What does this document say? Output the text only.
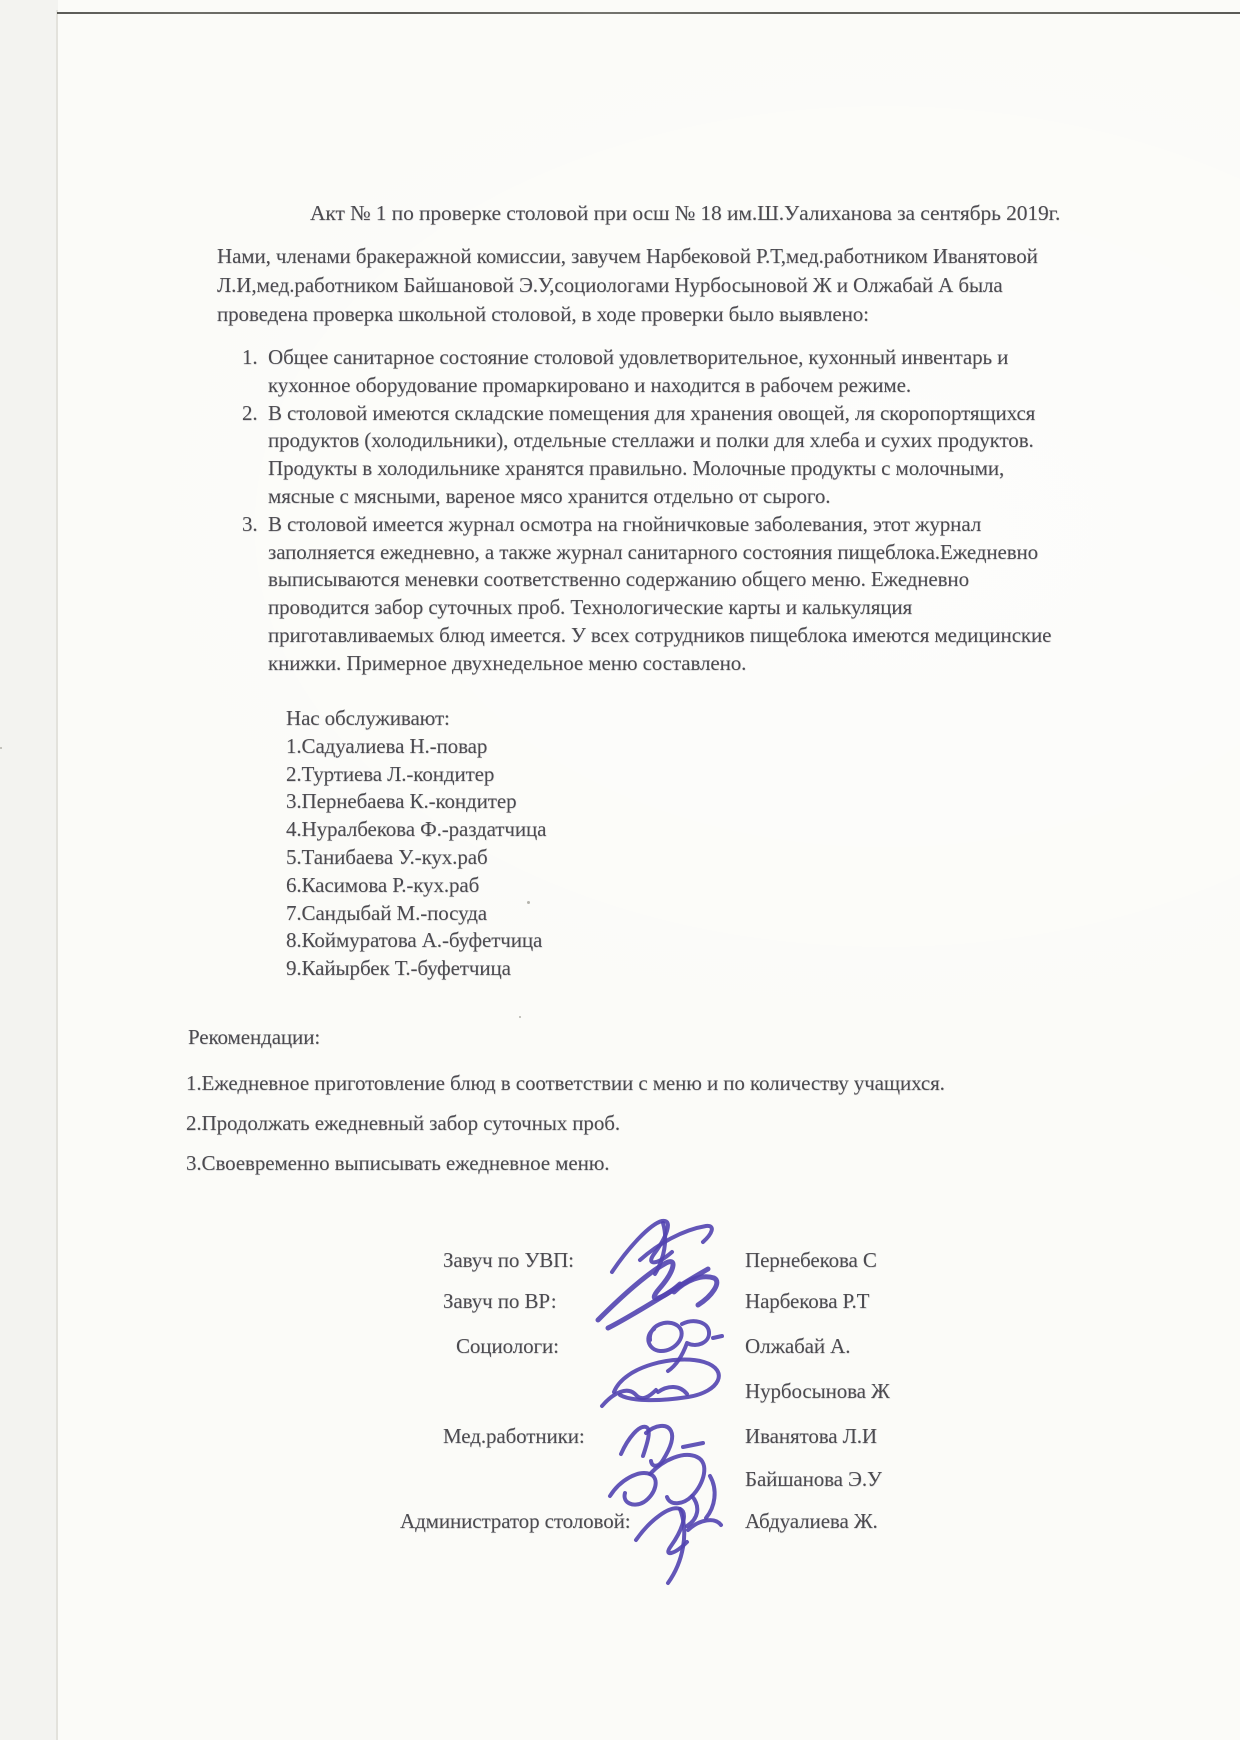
Акт № 1 по проверке столовой при осш № 18 им.Ш.Уалиханова за сентябрь 2019г.

Нами, членами бракеражной комиссии, завучем Нарбековой Р.Т,мед.работником Иванятовой Л.И,мед.работником Байшановой Э.У,социологами Нурбосыновой Ж и Олжабай А была проведена проверка школьной столовой, в ходе проверки было выявлено:

1. Общее санитарное состояние столовой удовлетворительное, кухонный инвентарь и кухонное оборудование промаркировано и находится в рабочем режиме.
2. В столовой имеются складские помещения для хранения овощей, ля скоропортящихся продуктов (холодильники), отдельные стеллажи и полки для хлеба и сухих продуктов. Продукты в холодильнике хранятся правильно. Молочные продукты с молочными, мясные с мясными, вареное мясо хранится отдельно от сырого.
3. В столовой имеется журнал осмотра на гнойничковые заболевания, этот журнал заполняется ежедневно, а также журнал санитарного состояния пищеблока.Ежедневно выписываются меневки соответственно содержанию общего меню. Ежедневно проводится забор суточных проб. Технологические карты и калькуляция приготавливаемых блюд имеется. У всех сотрудников пищеблока имеются медицинские книжки. Примерное двухнедельное меню составлено.
Нас обслуживают:
1.Садуалиева Н.-повар
2.Туртиева Л.-кондитер
3.Пернебаева К.-кондитер
4.Нуралбекова Ф.-раздатчица
5.Танибаева У.-кух.раб
6.Касимова Р.-кух.раб
7.Сандыбай М.-посуда
8.Коймуратова А.-буфетчица
9.Кайырбек Т.-буфетчица
Рекомендации:
1.Ежедневное приготовление блюд в соответствии с меню и по количеству учащихся.
2.Продолжать ежедневный забор суточных проб.
3.Своевременно выписывать ежедневное меню.
Завуч по УВП:	Пернебекова С
Завуч по ВР:	Нарбекова Р.Т
Социологи:	Олжабай А.
Нурбосынова Ж
Мед.работники:	Иванятова Л.И
Байшанова Э.У
Администратор столовой:	Абдуалиева Ж.
